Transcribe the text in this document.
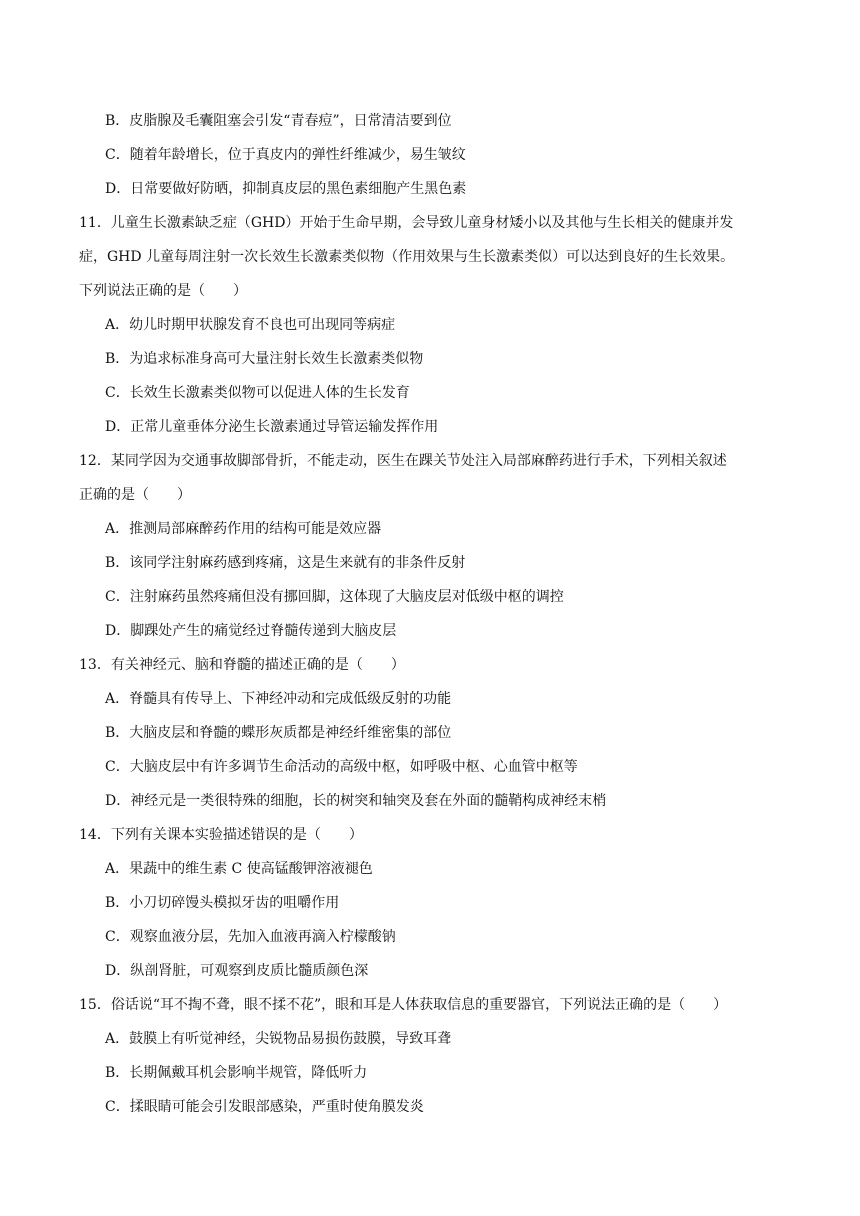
B．皮脂腺及毛囊阻塞会引发“青春痘”，日常清洁要到位
C．随着年龄增长，位于真皮内的弹性纤维减少，易生皱纹
D．日常要做好防晒，抑制真皮层的黑色素细胞产生黑色素
11．儿童生长激素缺乏症（GHD）开始于生命早期，会导致儿童身材矮小以及其他与生长相关的健康并发
症，GHD 儿童每周注射一次长效生长激素类似物（作用效果与生长激素类似）可以达到良好的生长效果。
下列说法正确的是（　　）
A．幼儿时期甲状腺发育不良也可出现同等病症
B．为追求标准身高可大量注射长效生长激素类似物
C．长效生长激素类似物可以促进人体的生长发育
D．正常儿童垂体分泌生长激素通过导管运输发挥作用
12．某同学因为交通事故脚部骨折，不能走动，医生在踝关节处注入局部麻醉药进行手术，下列相关叙述
正确的是（　　）
A．推测局部麻醉药作用的结构可能是效应器
B．该同学注射麻药感到疼痛，这是生来就有的非条件反射
C．注射麻药虽然疼痛但没有挪回脚，这体现了大脑皮层对低级中枢的调控
D．脚踝处产生的痛觉经过脊髓传递到大脑皮层
13．有关神经元、脑和脊髓的描述正确的是（　　）
A．脊髓具有传导上、下神经冲动和完成低级反射的功能
B．大脑皮层和脊髓的蝶形灰质都是神经纤维密集的部位
C．大脑皮层中有许多调节生命活动的高级中枢，如呼吸中枢、心血管中枢等
D．神经元是一类很特殊的细胞，长的树突和轴突及套在外面的髓鞘构成神经末梢
14．下列有关课本实验描述错误的是（　　）
A．果蔬中的维生素 C 使高锰酸钾溶液褪色
B．小刀切碎馒头模拟牙齿的咀嚼作用
C．观察血液分层，先加入血液再滴入柠檬酸钠
D．纵剖肾脏，可观察到皮质比髓质颜色深
15．俗话说“耳不掏不聋，眼不揉不花”，眼和耳是人体获取信息的重要器官，下列说法正确的是（　　）
A．鼓膜上有听觉神经，尖锐物品易损伤鼓膜，导致耳聋
B．长期佩戴耳机会影响半规管，降低听力
C．揉眼睛可能会引发眼部感染，严重时使角膜发炎
